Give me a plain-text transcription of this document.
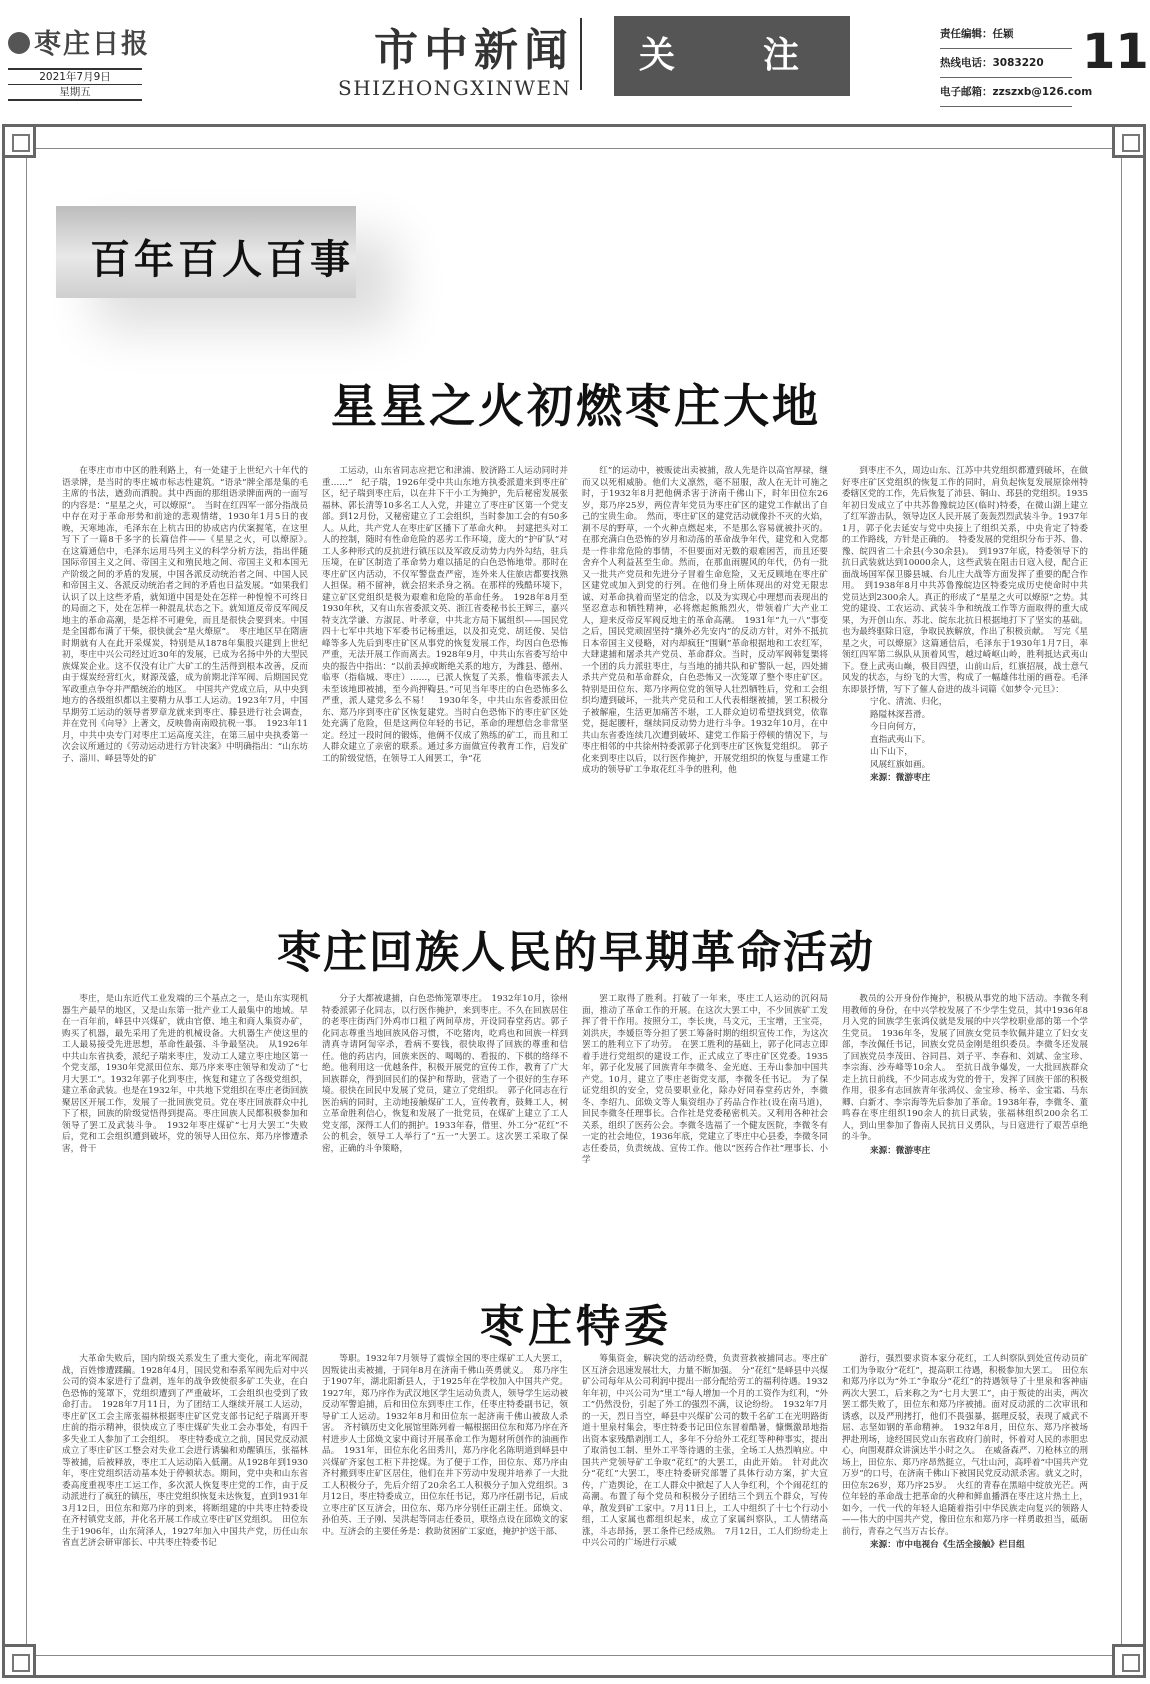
枣庄日报
2021年7月9日
星期五
市中新闻
SHIZHONGXINWEN
关　注
责任编辑：任颖
热线电话：3083220
电子邮箱：zzszxb@126.com
11
百年百人百事
星星之火初燃枣庄大地

在枣庄市市中区的胜利路上，有一处建于上世纪六十年代的语录牌，是当时的枣庄城市标志性建筑。“语录”牌全部是集的毛主席的书法，遒劲而洒脱。其中西面的那组语录牌面两的一面写的内容是：“星星之火，可以燎原”。　当时在红四军一部分指战员中存在对于革命形势和前途的悲观情绪，1930年1月5日的夜晚，天寒地冻，毛泽东在上杭古田的协成店内伏案握笔，在这里写下了一篇8千多字的长篇信件——《星星之火，可以燎原》。　在这篇通信中，毛泽东运用马列主义的科学分析方法，指出伴随国际帝国主义之间、帝国主义和殖民地之间、帝国主义和本国无产阶级之间的矛盾的发展，中国各派反动统治者之间、中国人民和帝国主义、各派反动统治者之间的矛盾也日益发展。“如果我们认识了以上这些矛盾，就知道中国是处在怎样一种惶惶不可终日的局面之下，处在怎样一种混乱状态之下。就知道反帝反军阀反地主的革命高潮，是怎样不可避免，而且是很快会要到来。中国是全国都布满了干柴，很快就会“星火燎原”。　枣庄地区早在隋唐时期就有人在此开采煤炭，特别是从1878年集股兴建到上世纪初，枣庄中兴公司经过近30年的发展，已成为名扬中外的大型民族煤炭企业。这不仅没有让广大矿工的生活得到根本改善，反而由于煤炭经营红火，财源茂盛，成为前期北洋军阀、后期国民党军政重点争夺并严酷统治的地区。　中国共产党成立后，从中央到地方的各级组织都以主要精力从事工人运动。1923年7月，中国早期劳工运动的领导者罗章龙就来到枣庄、滕县进行社会调查，并在党刊《向导》上著文，反映鲁南南殴抗税一事。　1923年11月，中共中央专门对枣庄工运高度关注，在第三届中央执委第一次会议所通过的《劳动运动进行方针决案》中明确指出：“山东坊子、淄川、峄县等处的矿

工运动，山东省同志应把它和津浦、胶济路工人运动同时并重……”　纪子瑞，1926年受中共山东地方执委派遣来到枣庄矿区，纪子瑞到枣庄后，以在井下干小工为掩护，先后秘密发展张福林、郭长清等10多名工人入党，并建立了枣庄矿区第一个党支部。到12月份，又秘密建立了工会组织，当时参加工会的有50多人。从此，共产党人在枣庄矿区播下了革命火种。　封建把头对工人的控制，随时有性命危险的恶劣工作环境，庞大的“护矿队”对工人多种形式的反抗进行镇压以及军政反动势力内外勾结，驻兵压境，在矿区制造了革命势力难以插足的白色恐怖地带。那时在枣庄矿区内活动，不仅军警盘查严密，连外来人住旅店都要找熟人担保。稍不留神，就会招来杀身之祸。在那样的残酷环境下，建立矿区党组织是极为艰难和危险的革命任务。　1928年8月至1930年秋，又有山东省委派文英、浙江省委秘书长王辉三，嘉兴特支沈学谦、方淑昆、叶孝章，中共北方局下属组织——国民党四十七军中共地下军委书记杨重远，以及扣克党、胡廷俊、吴信峰等多人先后到枣庄矿区从事党的恢复发展工作，均因白色恐怖严重，无法开展工作而离去。1928年9月，中共山东省委写给中央的报告中指出：“以前丢掉或断绝关系的地方，为潍县、德州、临枣（指临城、枣庄）……，已派人恢复了关系，惟临枣派去人未至该地即被捕，至今尚押鞫县。”可见当年枣庄的白色恐怖多么严重，派人建党多么不易！　1930年冬，中共山东省委派田位东、郑乃序到枣庄矿区恢复建党。当时白色恐怖下的枣庄矿区处处充满了危险，但是这两位年轻的书记，革命的理想信念非常坚定。经过一段时间的锻炼，他俩不仅成了熟练的矿工，而且和工人群众建立了亲密的联系。通过多方面做宣传教育工作，启发矿工的阶级觉悟，在领导工人闹罢工，争“花

红”的运动中，被贩徒出卖被捕，敌人先是许以高官厚禄，继而又以死相威胁。他们大义凛然，毫不屈服，敌人在无计可施之时，于1932年8月把他俩杀害于济南千佛山下，时年田位东26岁，郑乃序25岁，两位青年党员为枣庄矿区的建党工作献出了自己的宝贵生命。　然而，枣庄矿区的建党活动就像扑不灭的火焰，割不尽的野草，一个火种点燃起来，不是那么容易就被扑灭的。在那充满白色恐怖的岁月和动荡的革命战争年代，建党和入党都是一件非常危险的事情，不但要面对无数的艰难困苦，而且还要舍弃个人利益甚至生命。然而，在那血雨腥风的年代，仍有一批又一批共产党员和先进分子冒着生命危险，又无反顾地在枣庄矿区建党或加入到党的行列。在他们身上所体现出的对党无限忠诚、对革命执着而坚定的信念，以及为实现心中理想而表现出的坚忍意志和牺牲精神，必将燃起熊熊烈火，带领着广大产业工人，迎来反帝反军阀反地主的革命高潮。　1931年“九一八”事变之后，国民党顽固坚持“攘外必先安内”的反动方针，对外不抵抗日本帝国主义侵略，对内却疯狂“围剿”革命根据地和工农红军，大肆逮捕和屠杀共产党员、革命群众。当时，反动军阀韩复榘将一个团的兵力派驻枣庄，与当地的捕共队和矿警队一起，四处捕杀共产党员和革命群众，白色恐怖又一次笼罩了整个枣庄矿区。特别是田位东、郑乃序两位党的领导人壮烈牺牲后，党和工会组织均遭到破坏，一批共产党员和工人代表相继被捕，罢工积极分子被解雇，生活更加痛苦不堪，工人群众迫切希望找到党，依靠党，挺起腰杆，继续同反动势力进行斗争。1932年10月，在中共山东省委连续几次遭到破坏、建党工作陷于停顿的情况下，与枣庄相邻的中共徐州特委派郭子化到枣庄矿区恢复党组织。　郭子化来到枣庄以后，以行医作掩护，开展党组织的恢复与重建工作成功的领导矿工争取花红斗争的胜利，他

到枣庄不久，周边山东、江苏中共党组织都遭到破坏，在做好枣庄矿区党组织的恢复工作的同时，肩负起恢复发展原徐州特委辖区党的工作，先后恢复了沛县、铜山、邳县的党组织。1935年初日发成立了中共苏鲁豫皖边区(临时)特委，在微山湖上建立了红军游击队，领导边区人民开展了轰轰烈烈武装斗争。1937年1月，郭子化去延安与党中央接上了组织关系，中央肯定了特委的工作路线，方针是正确的。　特委发展的党组织分布于苏、鲁、豫、皖四省二十余县(今30余县)。　到1937年底，特委领导下的抗日武装就达到10000余人，这些武装在阻击日寇入侵，配合正面战场国军保卫滕县城、台儿庄大战等方面发挥了重要的配合作用。　到1938年8月中共苏鲁豫皖边区特委完成历史使命时中共党员达到2300余人。真正的形成了“星星之火可以燎原”之势。其党的建设、工农运动、武装斗争和统战工作等方面取得的重大成果，为开创山东、苏北、皖东北抗日根据地打下了坚实的基础。也为最终驱除日寇，争取民族解放，作出了积极贡献。　写完《星星之火，可以燎原》这篇通信后，毛泽东于1930年1月7日，率领红四军第二纵队从顶着风雪，越过崎岖山岭，胜利抵达武夷山下。登上武夷山巅，极目四望，山前山后，红旗招展，战士意气风发的状态，与纷飞的大雪，构成了一幅雄伟壮丽的画卷。毛泽东即景抒情，写下了催人奋进的战斗词篇《如梦令·元旦》：

宁化、清流、归化，

路隘林深苔滑。

今日向何方，

直指武夷山下。

山下山下，

风展红旗如画。

来源：微游枣庄

枣庄回族人民的早期革命活动

枣庄，是山东近代工业发端的三个基点之一，是山东实现机器生产最早的地区，又是山东第一批产业工人最集中的地域。早在一百年前，峄县中兴煤矿，就由官僚、地主和商人集资办矿，购买了机器，最先采用了先进的机械设备。大机器生产使这里的工人最易接受先进思想，革命性最强、斗争最坚决。　从1926年中共山东省执委，派纪子瑞来枣庄，发动工人建立枣庄地区第一个党支部，1930年党派田位东、郑乃序来枣庄领导和发动了“七月大罢工”。1932年郭子化到枣庄，恢复和建立了各级党组织，建立革命武装。也是在1932年，中共地下党组织在枣庄老街回族聚居区开展工作，发展了一批回族党员。党在枣庄回族群众中扎下了根，回族的阶级觉悟得到提高。枣庄回族人民都积极参加和领导了罢工及武装斗争。　1932年枣庄煤矿“七月大罢工”失败后，党和工会组织遭到破坏，党的领导人田位东、郑乃序惨遭杀害，骨干

分子大都被逮捕，白色恐怖笼罩枣庄。　1932年10月，徐州特委派郭子化同志，以行医作掩护，来到枣庄。不久在回族居住的老枣庄街西门外鸡市口租了两间草房，开设同春堂药店。郭子化同志尊重当地回族风俗习惯，不吃猪肉，吃鸡也和回族一样到清真寺请阿訇宰杀，看病不要钱，很快取得了回族的尊重和信任。他的药店内，回族来医的、喝喝的、看报的、下棋的络绎不绝。他利用这一优越条件，积极开展党的宣传工作，教育了广大回族群众，得到回民们的保护和帮助，营造了一个很好的生存环境。很快在回民中发展了党员，建立了党组织。　郭子化同志在行医治病的同时，主动地接触煤矿工人，宣传教育，鼓舞工人，树立革命胜利信心，恢复和发展了一批党员，在煤矿上建立了工人党支部，深得工人们的拥护。1933年春，借里、外工分“花红”不公的机会，领导工人举行了“五一”大罢工。这次罢工采取了保密，正确的斗争策略，

罢工取得了胜利。打破了一年来，枣庄工人运动的沉闷局面，推动了革命工作的开展。在这次大罢工中，不少回族矿工发挥了骨干作用。按照分工，李长庚，马文元，王宝增，王宝亮，刘洪庆，李媛臣等分担了罢工筹备时期的组织宣传工作，为这次罢工的胜利立下了功劳。　在罢工胜利的基础上，郭子化同志立即着手进行党组织的建设工作，正式成立了枣庄矿区党委。1935年，郭子化发展了回族青年李微冬、金光庭、王寿山参加中国共产党。10月，建立了枣庄老街党支部，李微冬任书记。　为了保证党组织的安全，党员要职业化，除办好同春堂药店外，李微冬、李绍九、邱焕文等人集资组办了药品合作社(设在南马道)，回民李微冬任理事长。合作社是党委秘密机关。又利用各种社会关系，组织了医药公会。李微冬选福了一个健友医院，李微冬有一定的社会地位，1936年底，党建立了枣庄中心县委，李微冬同志任委员，负责统战、宣传工作。他以“医药合作社”理事长、小学

教员的公开身份作掩护，积极从事党的地下活动。李微冬利用教师的身份，在中兴学校发展了不少学生党员，其中1936年8月入党的回族学生张鸿仪就是发展的中兴学校职业部的第一个学生党员。　1936年冬，发展了回族女党员李钦佩并建立了妇女支部，李汝佩任书记，回族女党员金刚是组织委员。李微冬还发展了回族党员李茂田、谷同昌、刘子平、李春和、刘斌、金宝珍、李宗海、沙寿峰等10余人。　至抗日战争爆发，一大批回族群众走上抗日前线，不少同志成为党的骨干，发挥了回族干部的积极作用，很多有志回族青年张鸿仪、金宝珍、杨辛、金宝霜、马东卿、白新才、李宗海等先后参加了革命。1938年春，李微冬、董鸣春在枣庄组织190余人的抗日武装，张福林组织200余名工人，到山里参加了鲁南人民抗日义勇队，与日寇进行了艰苦卓绝的斗争。

来源：微游枣庄

枣庄特委

大革命失败后，国内阶级关系发生了重大变化，南北军阀混战，百姓惨遭蹂躏。1928年4月，国民党和奉系军阀先后对中兴公司的资本家进行了盘剥，连年的战争致使很多矿工失业，在白色恐怖的笼罩下，党组织遭到了严重破坏，工会组织也受到了致命打击。　1928年7月11日，为了团结工人继续开展工人运动，枣庄矿区工会主席张福林根据枣庄矿区党支部书记纪子瑞离开枣庄前的指示精神，很快成立了枣庄煤矿失业工会办事处，有四千多失业工人参加了工会组织。　枣庄特委成立之前，国民党反动派成立了枣庄矿区工整会对失业工会进行诱骗和劝醒镇压，张福林等被捕，后被释放，枣庄工人运动陷入低潮。从1928年到1930年，枣庄党组织活动基本处于停顿状态。期间，党中央和山东省委高度重视枣庄工运工作，多次派人恢复枣庄党的工作，由于反动派进行了疯狂的镇压，枣庄党组织恢复未达恢复，直到1931年3月12日，田位东和郑乃序的到来，将断组建的中共枣庄特委设在齐村镇党支部，并化名开展工作成立枣庄矿区党组织。　田位东生于1906年，山东菏泽人，1927年加入中国共产党，历任山东省直艺济会研审部长、中共枣庄特委书记

等职。1932年7月领导了震惊全国的枣庄煤矿工人大罢工，因叛徒出卖被捕，于同年8月在济南千佛山英勇就义。　郑乃序生于1907年，湖北阳新县人，于1925年在学校加入中国共产党。1927年，郑乃序作为武汉地区学生运动负责人，领导学生运动被反动军警追捕，后和田位东到枣庄工作，任枣庄特委副书记，领导矿工人运动。1932年8月和田位东一起济南千佛山被敌人杀害。　齐村镇历史文化展馆里陈列着一幅根据田位东和郑乃序在齐村进步人士邱焕文家中商讨开展革命工作为题材所创作的油画作品。　1931年，田位东化名田秀川，郑乃序化名陈明道到峄县中兴煤矿齐家包工柜下井挖煤。为了便于工作，田位东、郑乃序由齐村搬到枣庄矿区居住，他们在井下劳动中发现并培养了一大批工人积极分子，先后介绍了20余名工人积极分子加入党组织。3月12日，枣庄特委成立，田位东任书记，郑乃序任副书记，后成立枣庄矿区互济会，田位东、郑乃序分别任正副主任。邱焕文、孙伯英、王子刚、吴洪起等同志任委员，联络点设在邱焕文的家中。互济会的主要任务是：救助贫困矿工家庭，掩护护送干部、

筹集资金，解决党的活动经费，负责营救被捕同志。枣庄矿区互济会迅速发展壮大，力量不断加强。　分“花红”是峄县中兴煤矿公司每年从公司利润中提出一部分配给劳工的福利待遇。1932年年初，中兴公司为“里工”每人增加一个月的工资作为红利，“外工”仍然没份，引起了外工的强烈不满，议论纷纷。　1932年7月的一天，烈日当空，峄县中兴煤矿公司的数千名矿工在光明路街道十里泉村集会，枣庄特委书记田位东冒着酷暑，慷慨激昂地指出资本家残酷剥削工人，多年不分给外工花红等种种事实，提出了取消包工制、里外工平等待遇的主张，全场工人热烈响应。中国共产党领导矿工争取“花红”的大罢工，由此开始。　针对此次分“花红”大罢工，枣庄特委研究部署了具体行动方案，扩大宣传，广造舆论，在工人群众中掀起了人人争红利，个个闹花红的高潮。布置了每个党员和积极分子团结三个到五个群众，写传单，散发到矿工家中。7月11日上，工人中组织了十七个行动小组，工人家属也都组织起来，成立了家属纠察队，工人情绪高涨，斗志昂扬，罢工条件已经成熟。　7月12日，工人们纷纷走上中兴公司的广场进行示威

游行，强烈要求资本家分花红，工人纠察队到处宣传动员矿工们为争取分“花红”，提高职工待遇，积极参加大罢工。　田位东和郑乃序以为“外工”争取分“花红”的持遇领导了十里泉和客神庙两次大罢工，后来称之为“七月大罢工”，由于叛徒的出卖，两次罢工都失败了，田位东和郑乃序被捕。面对反动派的二次审讯和诱惑，以及严刑拷打，他们不畏强暴，据理反驳，表现了威武不屈、志坚如钢的革命精神。　1932年8月，田位东、郑乃序被场押赴刑场，途经国民党山东省政府门前时，怀着对人民的赤胆忠心，向围观群众讲演达半小时之久。　在威备森严、刀枪林立的刑场上，田位东、郑乃序昂然挺立，气壮山河，高呼着“中国共产党万岁”的口号，在济南千佛山下被国民党反动派杀害。就义之时，田位东26岁，郑乃序25岁。　火红的青春在黑暗中绽放光芒。两位年轻的革命战士把革命的火种和鲜血播洒在枣庄这片热土上，如今，一代一代的年轻人追随着指引中华民族走向复兴的领路人——伟大的中国共产党，像田位东和郑乃序一样勇敢担当，砥砺前行，青春之气当万古长存。

来源：市中电视台《生活全接触》栏目组
